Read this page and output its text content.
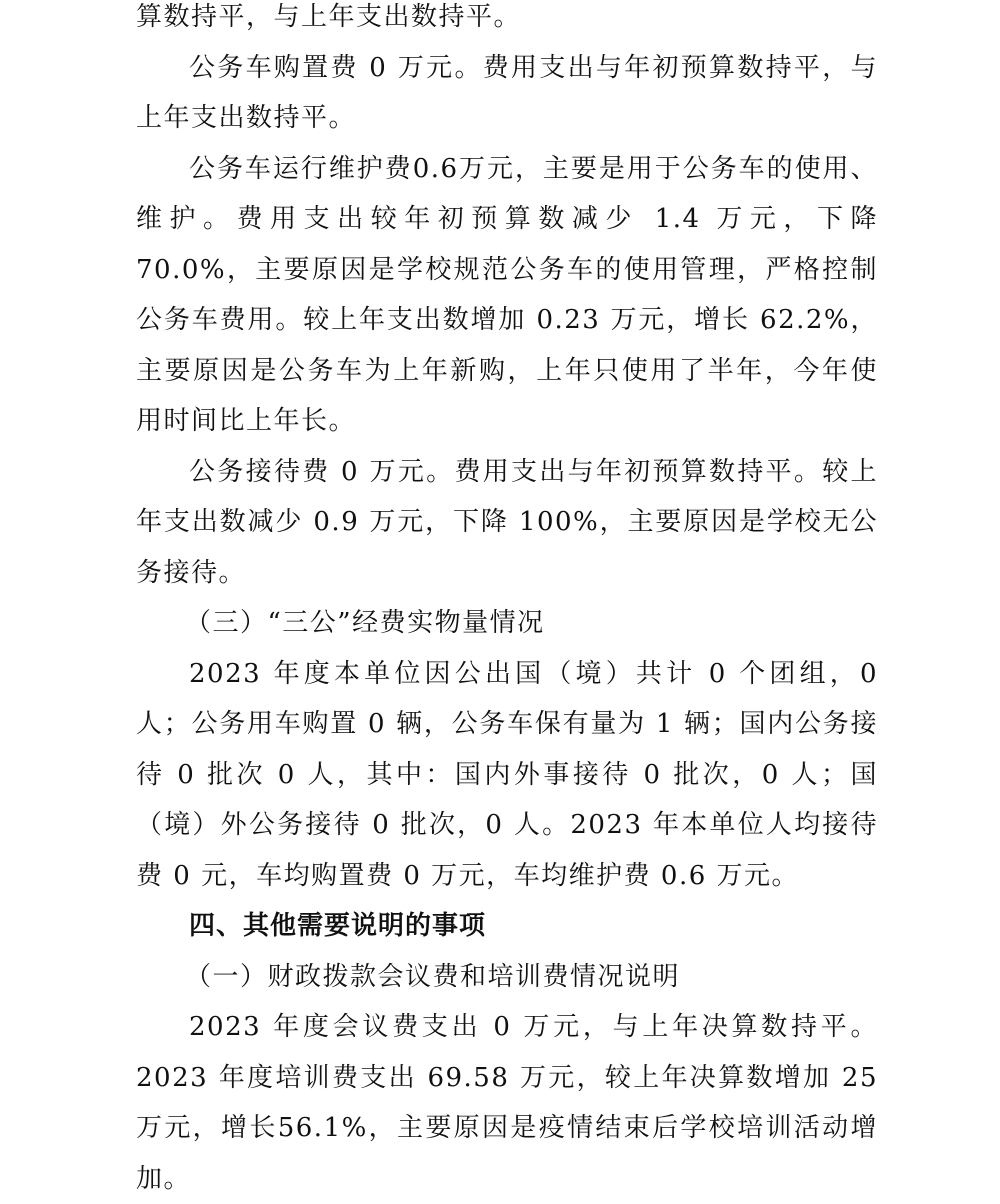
算数持平，与上年支出数持平。

公务车购置费 0 万元。费用支出与年初预算数持平，与上年支出数持平。

公务车运行维护费0.6万元，主要是用于公务车的使用、维护。费用支出较年初预算数减少 1.4 万元，下降 70.0%，主要原因是学校规范公务车的使用管理，严格控制公务车费用。较上年支出数增加 0.23 万元，增长 62.2%，主要原因是公务车为上年新购，上年只使用了半年，今年使用时间比上年长。

公务接待费 0 万元。费用支出与年初预算数持平。较上年支出数减少 0.9 万元，下降 100%，主要原因是学校无公务接待。

（三）“三公”经费实物量情况

2023 年度本单位因公出国（境）共计 0 个团组，0 人；公务用车购置 0 辆，公务车保有量为 1 辆；国内公务接待 0 批次 0 人，其中：国内外事接待 0 批次，0 人；国（境）外公务接待 0 批次，0 人。2023 年本单位人均接待费 0 元，车均购置费 0 万元，车均维护费 0.6 万元。

四、其他需要说明的事项

（一）财政拨款会议费和培训费情况说明

2023 年度会议费支出 0 万元，与上年决算数持平。2023 年度培训费支出 69.58 万元，较上年决算数增加 25 万元，增长56.1%，主要原因是疫情结束后学校培训活动增加。
